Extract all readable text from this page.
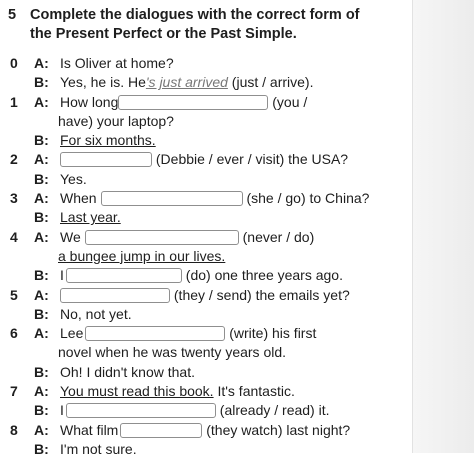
5 Complete the dialogues with the correct form of the Present Perfect or the Past Simple.
0	A: Is Oliver at home?
B: Yes, he is. He's just arrived (just / arrive).
1	A: How long	(you /
have) your laptop?
B: For six months.
2	A:	(Debbie / ever / visit) the USA?
B: Yes.
3	A: When	(she / go) to China?
B: Last year.
4	A: We	(never / do)
a bungee jump in our lives.
B: I	(do) one three years ago.
5	A:	(they / send) the emails yet?
B: No, not yet.
6	A: Lee	(write) his first
novel when he was twenty years old.
B: Oh! I didn't know that.
7	A: You must read this book. It's fantastic.
B: I	(already / read) it.
8	A: What film	(they watch) last night?
B: I'm not sure.
